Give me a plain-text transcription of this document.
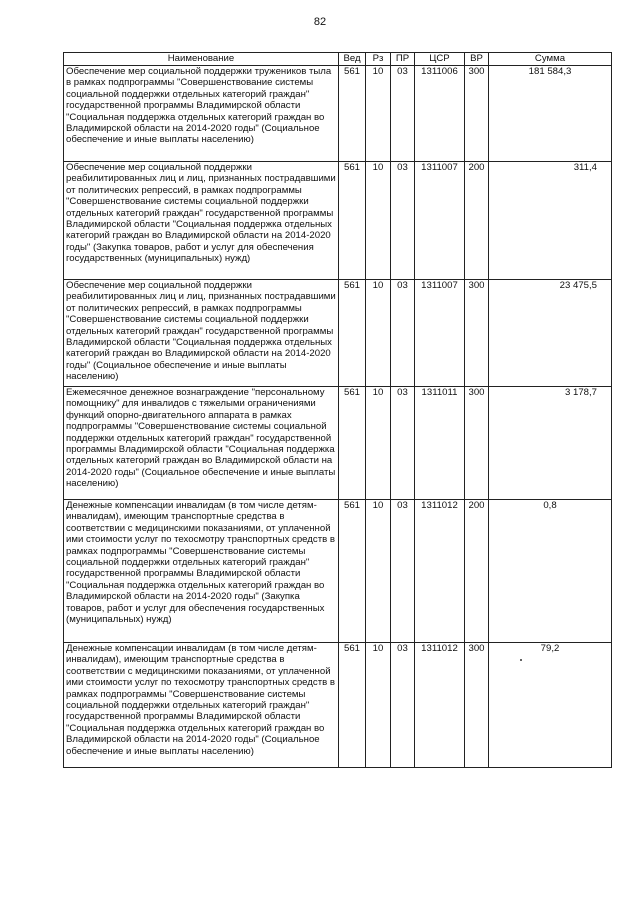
82
Наименование	Вед	Рз	ПР	ЦСР	ВР	Сумма
Обеспечение мер социальной поддержки тружеников тыла в рамках подпрограммы "Совершенствование системы социальной поддержки отдельных категорий граждан" государственной программы Владимирской области "Социальная поддержка отдельных категорий граждан во Владимирской области на 2014-2020 годы" (Социальное обеспечение и иные выплаты населению)	561	10	03	1311006	300	181 584,3
Обеспечение мер социальной поддержки реабилитированных лиц и лиц, признанных пострадавшими от политических репрессий, в рамках подпрограммы "Совершенствование системы социальной поддержки отдельных категорий граждан" государственной программы Владимирской области "Социальная поддержка отдельных категорий граждан во Владимирской области на 2014-2020 годы" (Закупка товаров, работ и услуг для обеспечения государственных (муниципальных) нужд)	561	10	03	1311007	200	311,4
Обеспечение мер социальной поддержки реабилитированных лиц и лиц, признанных пострадавшими от политических репрессий, в рамках подпрограммы "Совершенствование системы социальной поддержки отдельных категорий граждан" государственной программы Владимирской области "Социальная поддержка отдельных категорий граждан во Владимирской области на 2014-2020 годы" (Социальное обеспечение и иные выплаты населению)	561	10	03	1311007	300	23 475,5
Ежемесячное денежное вознаграждение "персональному помощнику" для инвалидов с тяжелыми ограничениями функций опорно-двигательного аппарата в рамках подпрограммы "Совершенствование системы социальной поддержки отдельных категорий граждан" государственной программы Владимирской области "Социальная поддержка отдельных категорий граждан во Владимирской области на 2014-2020 годы" (Социальное обеспечение и иные выплаты населению)	561	10	03	1311011	300	3 178,7
Денежные компенсации инвалидам (в том числе детям-инвалидам), имеющим транспортные средства в соответствии с медицинскими показаниями, от уплаченной ими стоимости услуг по техосмотру транспортных средств в рамках подпрограммы "Совершенствование системы социальной поддержки отдельных категорий граждан" государственной программы Владимирской области "Социальная поддержка отдельных категорий граждан во Владимирской области на 2014-2020 годы" (Закупка товаров, работ и услуг для обеспечения государственных (муниципальных) нужд)	561	10	03	1311012	200	0,8
Денежные компенсации инвалидам (в том числе детям-инвалидам), имеющим транспортные средства в соответствии с медицинскими показаниями, от уплаченной ими стоимости услуг по техосмотру транспортных средств в рамках подпрограммы "Совершенствование системы социальной поддержки отдельных категорий граждан" государственной программы Владимирской области "Социальная поддержка отдельных категорий граждан во Владимирской области на 2014-2020 годы" (Социальное обеспечение и иные выплаты населению)	561	10	03	1311012	300	79,2
